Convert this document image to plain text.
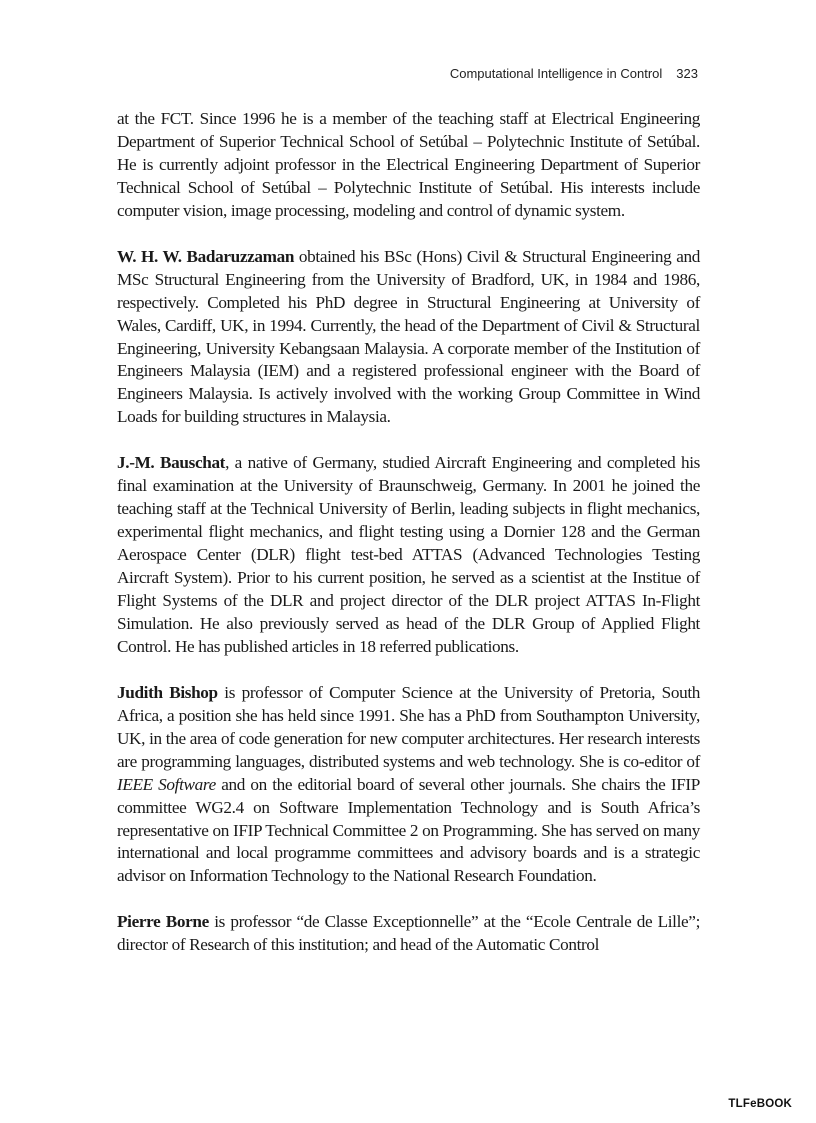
Computational Intelligence in Control 323

at the FCT. Since 1996 he is a member of the teaching staff at Electrical Engineering Department of Superior Technical School of Setúbal – Polytechnic Institute of Setúbal. He is currently adjoint professor in the Electrical Engineering Department of Superior Technical School of Setúbal – Polytechnic Institute of Setúbal. His interests include computer vision, image processing, modeling and control of dynamic system.

W. H. W. Badaruzzaman obtained his BSc (Hons) Civil & Structural Engineering and MSc Structural Engineering from the University of Bradford, UK, in 1984 and 1986, respectively. Completed his PhD degree in Structural Engineering at University of Wales, Cardiff, UK, in 1994. Currently, the head of the Department of Civil & Structural Engineering, University Kebangsaan Malaysia. A corporate member of the Institution of Engineers Malaysia (IEM) and a registered professional engineer with the Board of Engineers Malaysia. Is actively involved with the working Group Committee in Wind Loads for building structures in Malaysia.

J.-M. Bauschat, a native of Germany, studied Aircraft Engineering and completed his final examination at the University of Braunschweig, Germany. In 2001 he joined the teaching staff at the Technical University of Berlin, leading subjects in flight mechanics, experimental flight mechanics, and flight testing using a Dornier 128 and the German Aerospace Center (DLR) flight test-bed ATTAS (Advanced Technologies Testing Aircraft System). Prior to his current position, he served as a scientist at the Institue of Flight Systems of the DLR and project director of the DLR project ATTAS In-Flight Simulation. He also previously served as head of the DLR Group of Applied Flight Control. He has published articles in 18 referred publications.

Judith Bishop is professor of Computer Science at the University of Pretoria, South Africa, a position she has held since 1991. She has a PhD from Southampton University, UK, in the area of code generation for new computer architectures. Her research interests are programming languages, distributed systems and web technology. She is co-editor of IEEE Software and on the editorial board of several other journals. She chairs the IFIP committee WG2.4 on Software Implementation Technology and is South Africa’s representative on IFIP Technical Committee 2 on Programming. She has served on many international and local programme committees and advisory boards and is a strategic advisor on Information Technology to the National Research Foundation.

Pierre Borne is professor “de Classe Exceptionnelle” at the “Ecole Centrale de Lille”; director of Research of this institution; and head of the Automatic Control

TLFeBOOK
